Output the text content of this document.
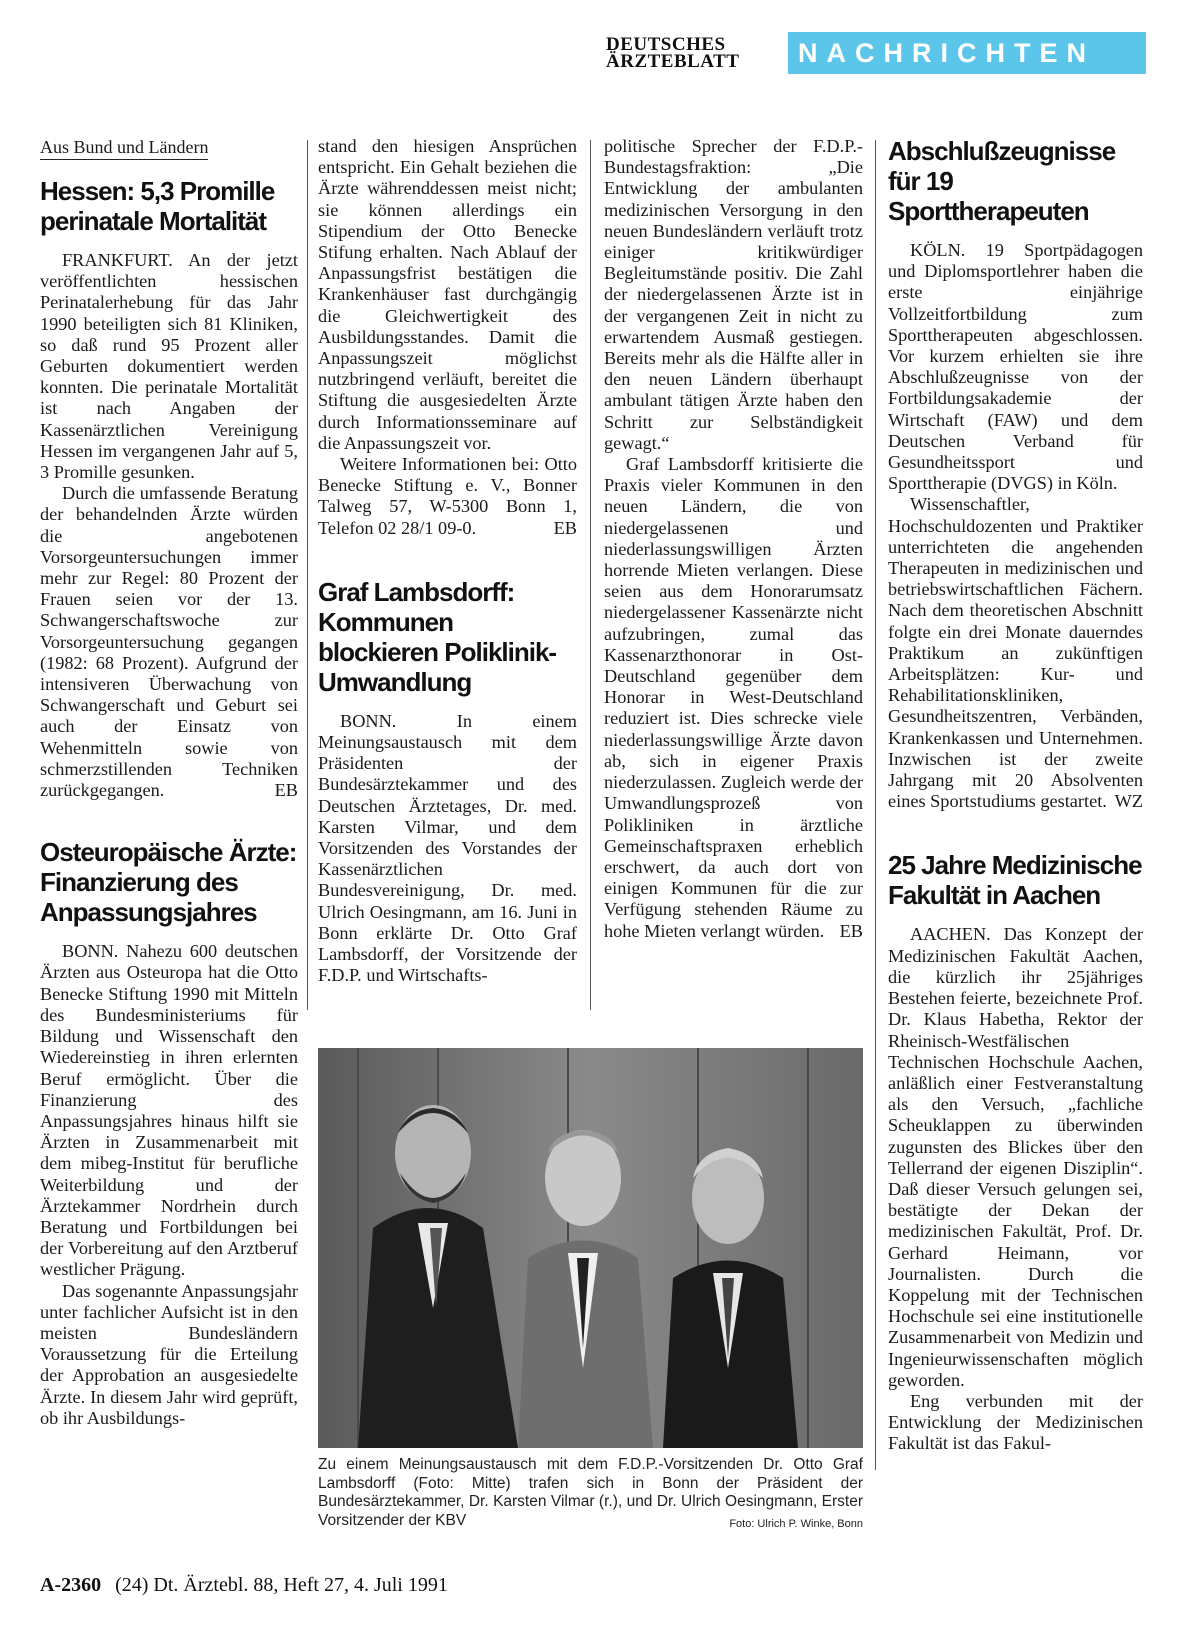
DEUTSCHES
ÄRZTEBLATT	NACHRICHTEN
Aus Bund und Ländern
Hessen: 5,3 Promille perinatale Mortalität

FRANKFURT. An der jetzt veröffentlichten hessischen Perinatalerhebung für das Jahr 1990 beteiligten sich 81 Kliniken, so daß rund 95 Prozent aller Geburten dokumentiert werden konnten. Die perinatale Mortalität ist nach Angaben der Kassenärztlichen Vereinigung Hessen im vergangenen Jahr auf 5, 3 Promille gesunken.

Durch die umfassende Beratung der behandelnden Ärzte würden die angebotenen Vorsorgeuntersuchungen immer mehr zur Regel: 80 Prozent der Frauen seien vor der 13. Schwangerschaftswoche zur Vorsorgeuntersuchung gegangen (1982: 68 Prozent). Aufgrund der intensiveren Überwachung von Schwangerschaft und Geburt sei auch der Einsatz von Wehenmitteln sowie von schmerzstillenden Techniken zurückgegangen.	EB
Osteuropäische Ärzte: Finanzierung des Anpassungsjahres

BONN. Nahezu 600 deutschen Ärzten aus Osteuropa hat die Otto Benecke Stiftung 1990 mit Mitteln des Bundesministeriums für Bildung und Wissenschaft den Wiedereinstieg in ihren erlernten Beruf ermöglicht. Über die Finanzierung des Anpassungsjahres hinaus hilft sie Ärzten in Zusammenarbeit mit dem mibeg-Institut für berufliche Weiterbildung und der Ärztekammer Nordrhein durch Beratung und Fortbildungen bei der Vorbereitung auf den Arztberuf westlicher Prägung.

Das sogenannte Anpassungsjahr unter fachlicher Aufsicht ist in den meisten Bundesländern Voraussetzung für die Erteilung der Approbation an ausgesiedelte Ärzte. In diesem Jahr wird geprüft, ob ihr Ausbildungs-

stand den hiesigen Ansprüchen entspricht. Ein Gehalt beziehen die Ärzte währenddessen meist nicht; sie können allerdings ein Stipendium der Otto Benecke Stifung erhalten. Nach Ablauf der Anpassungsfrist bestätigen die Krankenhäuser fast durchgängig die Gleichwertigkeit des Ausbildungsstandes. Damit die Anpassungszeit möglichst nutzbringend verläuft, bereitet die Stiftung die ausgesiedelten Ärzte durch Informationsseminare auf die Anpassungszeit vor.

Weitere Informationen bei: Otto Benecke Stiftung e. V., Bonner Talweg 57, W-5300 Bonn 1, Telefon 02 28/1 09-0.	EB
Graf Lambsdorff: Kommunen blockieren Poliklinik-Umwandlung

BONN. In einem Meinungsaustausch mit dem Präsidenten der Bundesärztekammer und des Deutschen Ärztetages, Dr. med. Karsten Vilmar, und dem Vorsitzenden des Vorstandes der Kassenärztlichen Bundesvereinigung, Dr. med. Ulrich Oesingmann, am 16. Juni in Bonn erklärte Dr. Otto Graf Lambsdorff, der Vorsitzende der F.D.P. und Wirtschafts-

politische Sprecher der F.D.P.-Bundestagsfraktion: „Die Entwicklung der ambulanten medizinischen Versorgung in den neuen Bundesländern verläuft trotz einiger kritikwürdiger Begleitumstände positiv. Die Zahl der niedergelassenen Ärzte ist in der vergangenen Zeit in nicht zu erwartendem Ausmaß gestiegen. Bereits mehr als die Hälfte aller in den neuen Ländern überhaupt ambulant tätigen Ärzte haben den Schritt zur Selbständigkeit gewagt.“

Graf Lambsdorff kritisierte die Praxis vieler Kommunen in den neuen Ländern, die von niedergelassenen und niederlassungswilligen Ärzten horrende Mieten verlangen. Diese seien aus dem Honorarumsatz niedergelassener Kassenärzte nicht aufzubringen, zumal das Kassenarzthonorar in Ost-Deutschland gegenüber dem Honorar in West-Deutschland reduziert ist. Dies schrecke viele niederlassungswillige Ärzte davon ab, sich in eigener Praxis niederzulassen. Zugleich werde der Umwandlungsprozeß von Polikliniken in ärztliche Gemeinschaftspraxen erheblich erschwert, da auch dort von einigen Kommunen für die zur Verfügung stehenden Räume zu hohe Mieten verlangt würden. EB
Abschlußzeugnisse für 19 Sporttherapeuten

KÖLN. 19 Sportpädagogen und Diplomsportlehrer haben die erste einjährige Vollzeitfortbildung zum Sporttherapeuten abgeschlossen. Vor kurzem erhielten sie ihre Abschlußzeugnisse von der Fortbildungsakademie der Wirtschaft (FAW) und dem Deutschen Verband für Gesundheitssport und Sporttherapie (DVGS) in Köln.

Wissenschaftler, Hochschuldozenten und Praktiker unterrichteten die angehenden Therapeuten in medizinischen und betriebswirtschaftlichen Fächern. Nach dem theoretischen Abschnitt folgte ein drei Monate dauerndes Praktikum an zukünftigen Arbeitsplätzen: Kur- und Rehabilitationskliniken, Gesundheitszentren, Verbänden, Krankenkassen und Unternehmen. Inzwischen ist der zweite Jahrgang mit 20 Absolventen eines Sportstudiums gestartet. WZ
25 Jahre Medizinische Fakultät in Aachen

AACHEN. Das Konzept der Medizinischen Fakultät Aachen, die kürzlich ihr 25jähriges Bestehen feierte, bezeichnete Prof. Dr. Klaus Habetha, Rektor der Rheinisch-Westfälischen Technischen Hochschule Aachen, anläßlich einer Festveranstaltung als den Versuch, „fachliche Scheuklappen zu überwinden zugunsten des Blickes über den Tellerrand der eigenen Disziplin“. Daß dieser Versuch gelungen sei, bestätigte der Dekan der medizinischen Fakultät, Prof. Dr. Gerhard Heimann, vor Journalisten. Durch die Koppelung mit der Technischen Hochschule sei eine institutionelle Zusammenarbeit von Medizin und Ingenieurwissenschaften möglich geworden.

Eng verbunden mit der Entwicklung der Medizinischen Fakultät ist das Fakul-

Zu einem Meinungsaustausch mit dem F.D.P.-Vorsitzenden Dr. Otto Graf Lambsdorff (Foto: Mitte) trafen sich in Bonn der Präsident der Bundesärztekammer, Dr. Karsten Vilmar (r.), und Dr. Ulrich Oesingmann, Erster Vorsitzender der KBV	Foto: Ulrich P. Winke, Bonn
A-2360 (24) Dt. Ärztebl. 88, Heft 27, 4. Juli 1991
